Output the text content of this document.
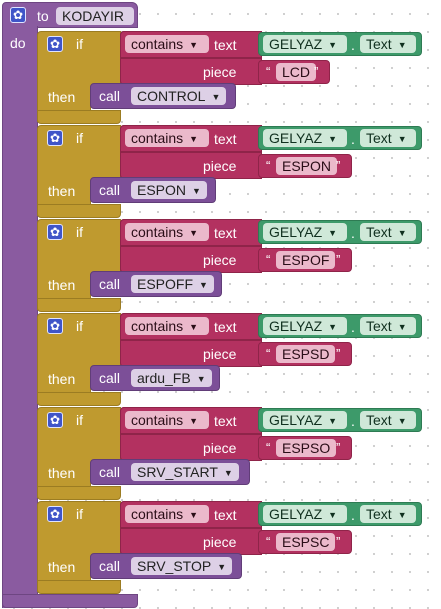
✿ to KODAYIR
do ✿ if
then
contains ▼	text
piece
GELYAZ ▼ . Text ▼
“ LCD ”
call	CONTROL ▼
✿ if
then
contains ▼	text
piece
GELYAZ ▼ . Text ▼
“ ESPON ”
call	ESPON ▼
✿ if
then
contains ▼	text
piece
GELYAZ ▼ . Text ▼
“ ESPOF ”
call	ESPOFF ▼
✿ if
then
contains ▼	text
piece
GELYAZ ▼ . Text ▼
“ ESPSD ”
call	ardu_FB ▼
✿ if
then
contains ▼	text
piece
GELYAZ ▼ . Text ▼
“ ESPSO ”
call	SRV_START ▼
✿ if
then
contains ▼	text
piece
GELYAZ ▼ . Text ▼
“ ESPSC ”
call	SRV_STOP ▼
